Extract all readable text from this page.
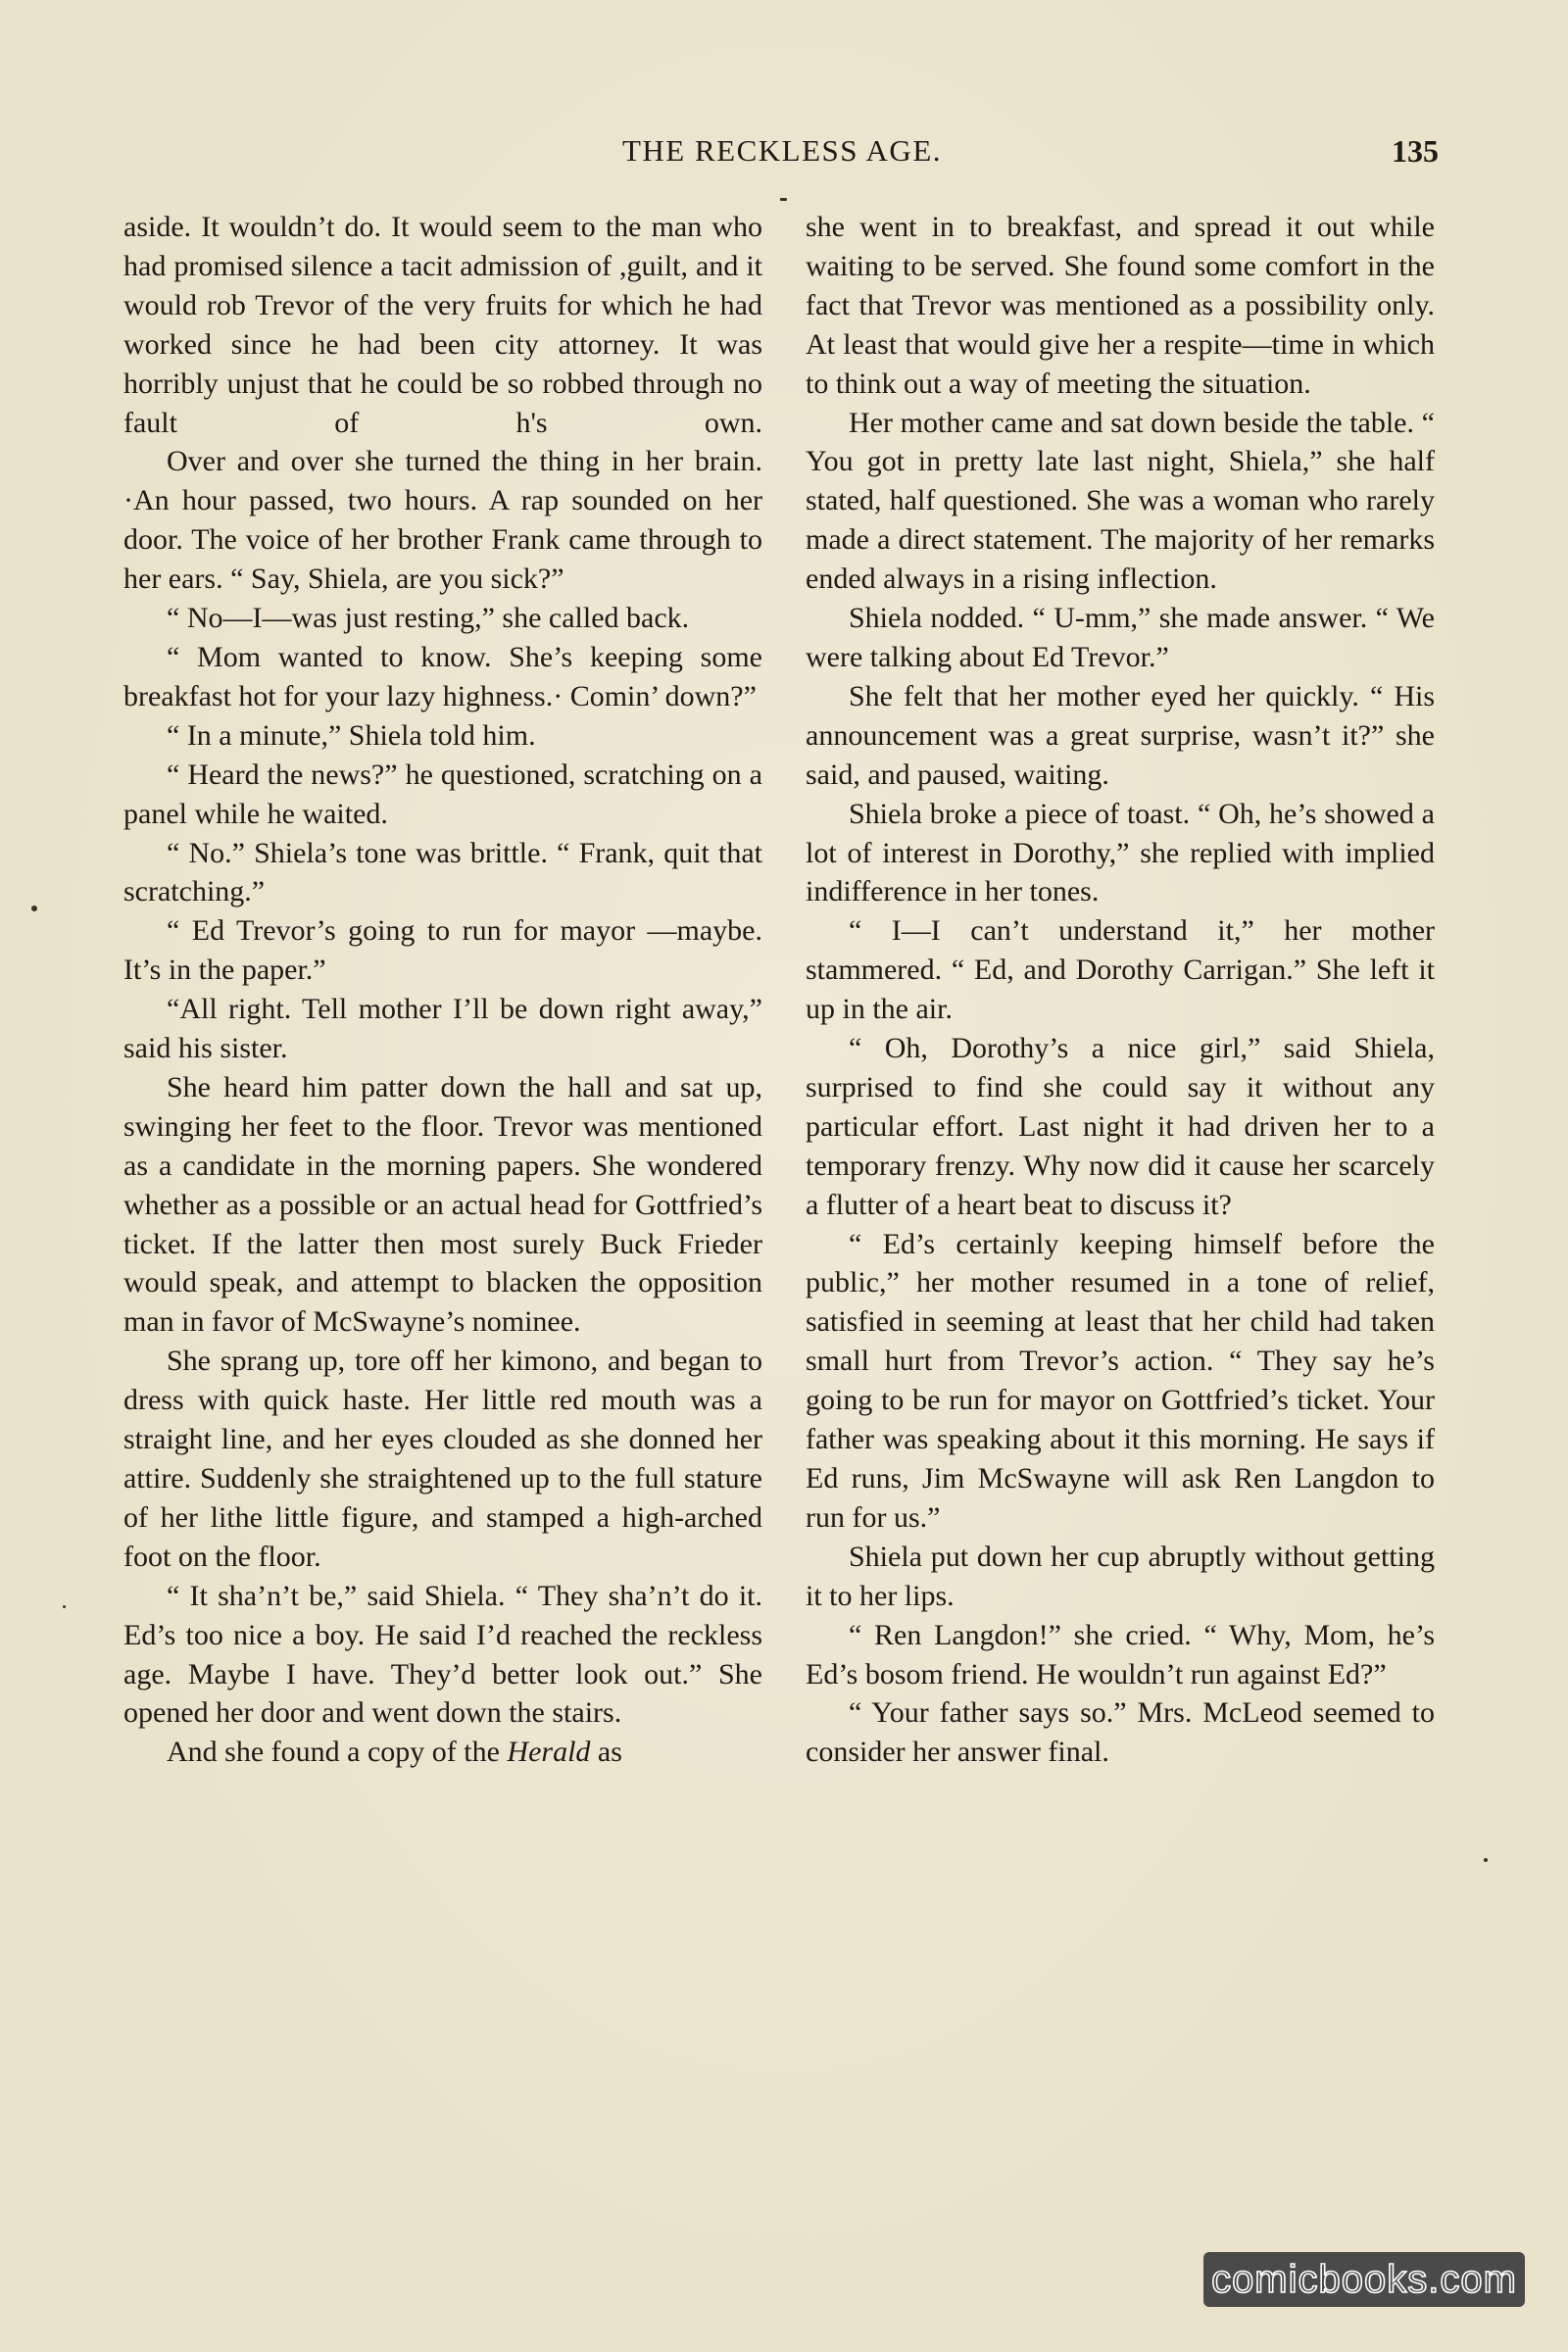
THE RECKLESS AGE.	135

aside. It wouldn’t do. It would seem to the man who had promised silence a tacit admission of ,guilt, and it would rob Trevor of the very fruits for which he had worked since he had been city attorney. It was horribly unjust that he could be so robbed through no fault of h's own.

Over and over she turned the thing in her brain. ·An hour passed, two hours. A rap sounded on her door. The voice of her brother Frank came through to her ears. “ Say, Shiela, are you sick?”

“ No—I—was just resting,” she called back.

“ Mom wanted to know. She’s keeping some breakfast hot for your lazy highness.· Comin’ down?”

“ In a minute,” Shiela told him.

“ Heard the news?” he questioned, scratching on a panel while he waited.

“ No.” Shiela’s tone was brittle. “ Frank, quit that scratching.”

“ Ed Trevor’s going to run for mayor —maybe. It’s in the paper.”

“All right. Tell mother I’ll be down right away,” said his sister.

She heard him patter down the hall and sat up, swinging her feet to the floor. Trevor was mentioned as a candidate in the morning papers. She wondered whether as a possible or an actual head for Gottfried’s ticket. If the latter then most surely Buck Frieder would speak, and attempt to blacken the opposition man in favor of McSwayne’s nominee.

She sprang up, tore off her kimono, and began to dress with quick haste. Her little red mouth was a straight line, and her eyes clouded as she donned her attire. Suddenly she straightened up to the full stature of her lithe little figure, and stamped a high-arched foot on the floor.

“ It sha’n’t be,” said Shiela. “ They sha’n’t do it. Ed’s too nice a boy. He said I’d reached the reckless age. Maybe I have. They’d better look out.” She opened her door and went down the stairs.

And she found a copy of the Herald as

she went in to breakfast, and spread it out while waiting to be served. She found some comfort in the fact that Trevor was mentioned as a possibility only. At least that would give her a respite—time in which to think out a way of meeting the situation.

Her mother came and sat down beside the table. “ You got in pretty late last night, Shiela,” she half stated, half questioned. She was a woman who rarely made a direct statement. The majority of her remarks ended always in a rising inflection.

Shiela nodded. “ U-mm,” she made answer. “ We were talking about Ed Trevor.”

She felt that her mother eyed her quickly. “ His announcement was a great surprise, wasn’t it?” she said, and paused, waiting.

Shiela broke a piece of toast. “ Oh, he’s showed a lot of interest in Dorothy,” she replied with implied indifference in her tones.

“ I—I can’t understand it,” her mother stammered. “ Ed, and Dorothy Carrigan.” She left it up in the air.

“ Oh, Dorothy’s a nice girl,” said Shiela, surprised to find she could say it without any particular effort. Last night it had driven her to a temporary frenzy. Why now did it cause her scarcely a flutter of a heart beat to discuss it?

“ Ed’s certainly keeping himself before the public,” her mother resumed in a tone of relief, satisfied in seeming at least that her child had taken small hurt from Trevor’s action. “ They say he’s going to be run for mayor on Gottfried’s ticket. Your father was speaking about it this morning. He says if Ed runs, Jim McSwayne will ask Ren Langdon to run for us.”

Shiela put down her cup abruptly without getting it to her lips.

“ Ren Langdon!” she cried. “ Why, Mom, he’s Ed’s bosom friend. He wouldn’t run against Ed?”

“ Your father says so.” Mrs. McLeod seemed to consider her answer final.

comicbooks.com
